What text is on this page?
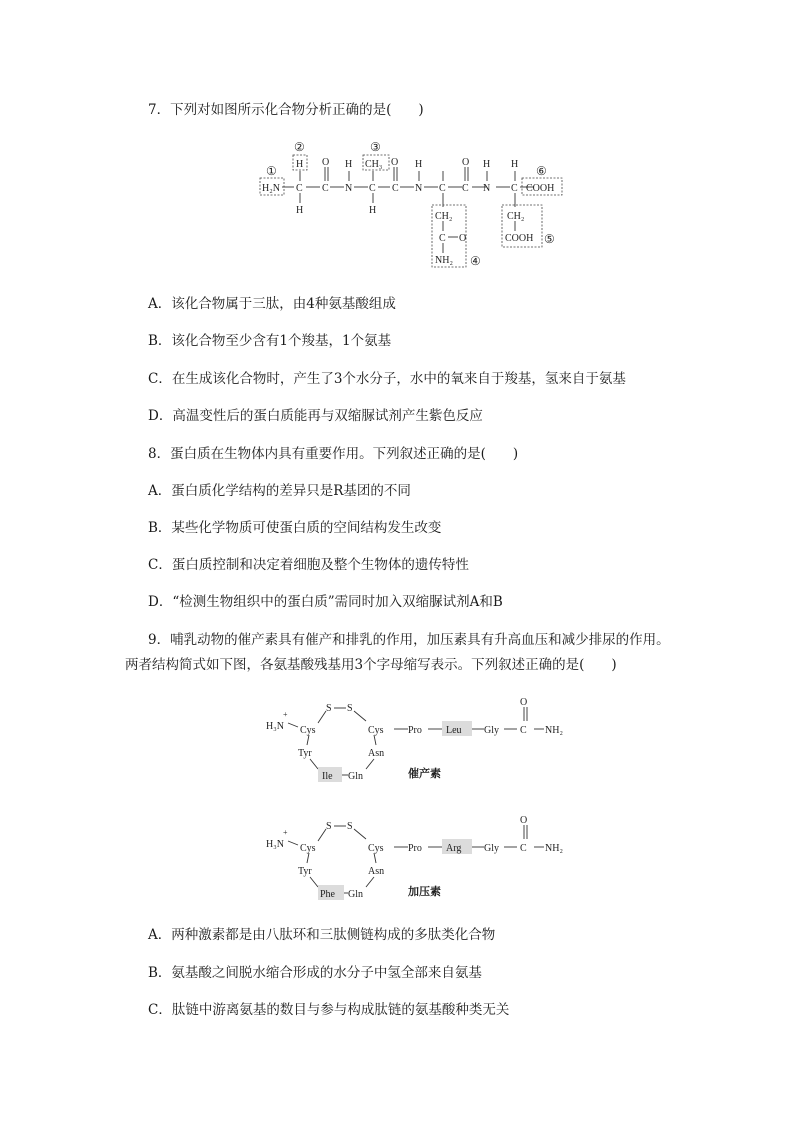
7．下列对如图所示化合物分析正确的是(　　)
H₂N C
H
H
C
O
N
H
C
CH₃
H
C
O
N
H
C C
O
N
H
C
H
COOH
CH₂
C O
NH₂
CH₂
COOH
①
②	③
④
⑤
⑥
A．该化合物属于三肽，由4种氨基酸组成
B．该化合物至少含有1个羧基，1个氨基
C．在生成该化合物时，产生了3个水分子，水中的氧来自于羧基，氢来自于氨基
D．高温变性后的蛋白质能再与双缩脲试剂产生紫色反应
8．蛋白质在生物体内具有重要作用。下列叙述正确的是(　　)
A．蛋白质化学结构的差异只是R基团的不同
B．某些化学物质可使蛋白质的空间结构发生改变
C．蛋白质控制和决定着细胞及整个生物体的遗传特性
D．“检测生物组织中的蛋白质”需同时加入双缩脲试剂A和B
9．哺乳动物的催产素具有催产和排乳的作用，加压素具有升高血压和减少排尿的作用。
两者结构简式如下图，各氨基酸残基用3个字母缩写表示。下列叙述正确的是(　　)
H₃N
+
Cys
S S
Cys Pro Leu Gly C
O
NH₂
Tyr	Asn
Ile Gln	催产素
H₃N
+
Cys
S S
Cys Pro Arg Gly C
O
NH₂
Tyr	Asn
Phe Gln	加压素
A．两种激素都是由八肽环和三肽侧链构成的多肽类化合物
B．氨基酸之间脱水缩合形成的水分子中氢全部来自氨基
C．肽链中游离氨基的数目与参与构成肽链的氨基酸种类无关
